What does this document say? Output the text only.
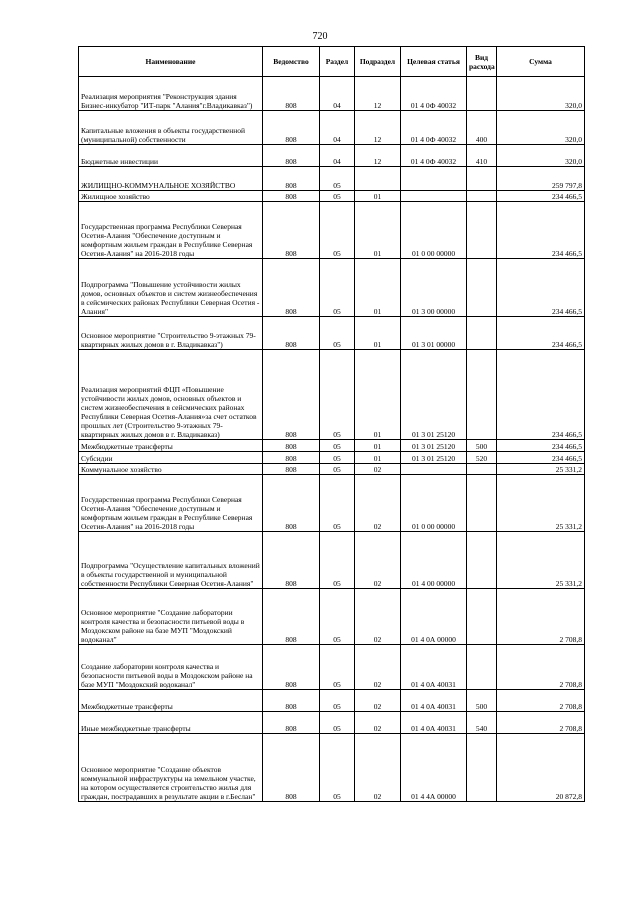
720
Наименование	Ведомство	Раздел	Подраздел	Целевая статья	Вид расхода	Сумма
Реализация мероприятия "Реконструкция здания Бизнес-инкубатор "ИТ-парк "Алания"г.Владикавказ")	808	04	12	01 4 0Ф 40032		320,0
Капитальные вложения в объекты государственной (муниципальной) собственности	808	04	12	01 4 0Ф 40032	400	320,0
Бюджетные инвестиции	808	04	12	01 4 0Ф 40032	410	320,0
ЖИЛИЩНО-КОММУНАЛЬНОЕ ХОЗЯЙСТВО	808	05				259 797,8
Жилищное хозяйство	808	05	01			234 466,5
Государственная программа Республики Северная Осетия-Алания "Обеспечение доступным и комфортным жильем граждан в Республике Северная Осетия-Алания" на 2016-2018 годы	808	05	01	01 0 00 00000		234 466,5
Подпрограмма "Повышение устойчивости жилых домов, основных объектов и систем жизнеобеспечения в сейсмических районах Республики Северная Осетия - Алания"	808	05	01	01 3 00 00000		234 466,5
Основное мероприятие "Строительство 9-этажных 79-квартирных жилых домов в г. Владикавказ")	808	05	01	01 3 01 00000		234 466,5
Реализация мероприятий ФЦП «Повышение устойчивости жилых домов, основных объектов и систем жизнеобеспечения в сейсмических районах Республики Северная Осетия-Алания»за счет остатков прошлых лет (Строительство 9-этажных 79-квартирных жилых домов в г. Владикавказ)	808	05	01	01 3 01 25120		234 466,5
Межбюджетные трансферты	808	05	01	01 3 01 25120	500	234 466,5
Субсидии	808	05	01	01 3 01 25120	520	234 466,5
Коммунальное хозяйство	808	05	02			25 331,2
Государственная программа Республики Северная Осетия-Алания "Обеспечение доступным и комфортным жильем граждан в Республике Северная Осетия-Алания" на 2016-2018 годы	808	05	02	01 0 00 00000		25 331,2
Подпрограмма "Осуществление капитальных вложений в объекты государственной и муниципальной собственности Республики Северная Осетия-Алания"	808	05	02	01 4 00 00000		25 331,2
Основное мероприятие "Создание лаборатории контроля качества и безопасности питьевой воды в Моздокском районе на базе МУП "Моздокский водоканал"	808	05	02	01 4 0А 00000		2 708,8
Создание лаборатории контроля качества и безопасности питьевой воды в Моздокском районе на базе МУП "Моздокский водоканал"	808	05	02	01 4 0А 40031		2 708,8
Межбюджетные трансферты	808	05	02	01 4 0А 40031	500	2 708,8
Иные межбюджетные трансферты	808	05	02	01 4 0А 40031	540	2 708,8
Основное мероприятие "Создание объектов коммунальной инфраструктуры на земельном участке, на котором осуществляется строительство жилья для граждан, пострадавших в результате акции в г.Беслан"	808	05	02	01 4 4А 00000		20 872,8
